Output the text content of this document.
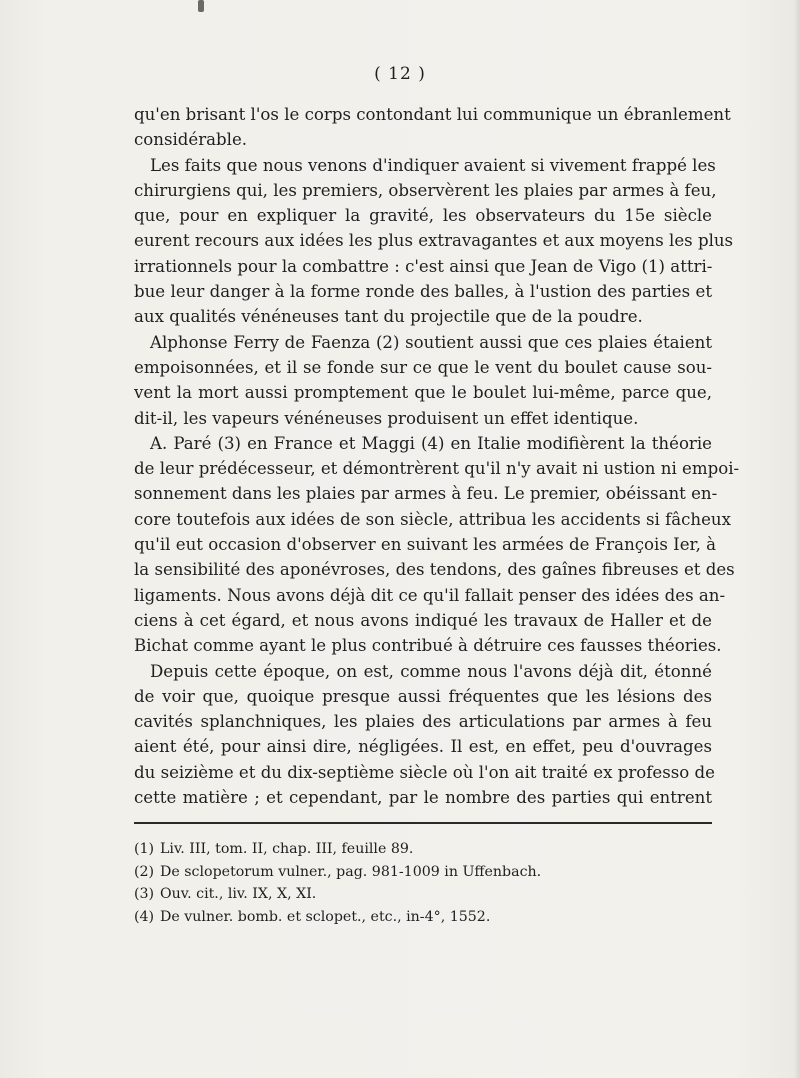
( 12 )
qu'en brisant l'os le corps contondant lui communique un ébranlement
considérable.
Les faits que nous venons d'indiquer avaient si vivement frappé les
chirurgiens qui, les premiers, observèrent les plaies par armes à feu,
que, pour en expliquer la gravité, les observateurs du 15e siècle
eurent recours aux idées les plus extravagantes et aux moyens les plus
irrationnels pour la combattre : c'est ainsi que Jean de Vigo (1) attri-
bue leur danger à la forme ronde des balles, à l'ustion des parties et
aux qualités vénéneuses tant du projectile que de la poudre.
Alphonse Ferry de Faenza (2) soutient aussi que ces plaies étaient
empoisonnées, et il se fonde sur ce que le vent du boulet cause sou-
vent la mort aussi promptement que le boulet lui-même, parce que,
dit-il, les vapeurs vénéneuses produisent un effet identique.
A. Paré (3) en France et Maggi (4) en Italie modifièrent la théorie
de leur prédécesseur, et démontrèrent qu'il n'y avait ni ustion ni empoi-
sonnement dans les plaies par armes à feu. Le premier, obéissant en-
core toutefois aux idées de son siècle, attribua les accidents si fâcheux
qu'il eut occasion d'observer en suivant les armées de François Ier, à
la sensibilité des aponévroses, des tendons, des gaînes fibreuses et des
ligaments. Nous avons déjà dit ce qu'il fallait penser des idées des an-
ciens à cet égard, et nous avons indiqué les travaux de Haller et de
Bichat comme ayant le plus contribué à détruire ces fausses théories.
Depuis cette époque, on est, comme nous l'avons déjà dit, étonné
de voir que, quoique presque aussi fréquentes que les lésions des
cavités splanchniques, les plaies des articulations par armes à feu
aient été, pour ainsi dire, négligées. Il est, en effet, peu d'ouvrages
du seizième et du dix-septième siècle où l'on ait traité ex professo de
cette matière ; et cependant, par le nombre des parties qui entrent
(1) Liv. III, tom. II, chap. III, feuille 89.
(2) De sclopetorum vulner., pag. 981-1009 in Uffenbach.
(3) Ouv. cit., liv. IX, X, XI.
(4) De vulner. bomb. et sclopet., etc., in-4°, 1552.
